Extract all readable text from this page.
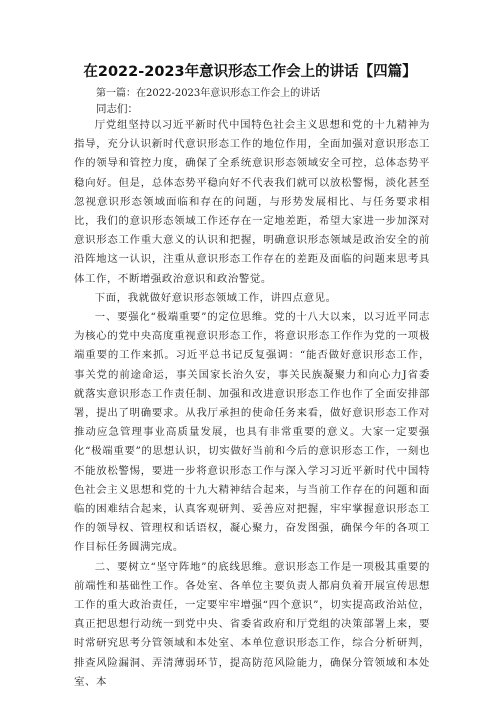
在2022-2023年意识形态工作会上的讲话【四篇】
第一篇：在2022-2023年意识形态工作会上的讲话
同志们：

厅党组坚持以习近平新时代中国特色社会主义思想和党的十九精神为指导，充分认识新时代意识形态工作的地位作用，全面加强对意识形态工作的领导和管控力度，确保了全系统意识形态领域安全可控，总体态势平稳向好。但是，总体态势平稳向好不代表我们就可以放松警惕，淡化甚至忽视意识形态领域面临和存在的问题，与形势发展相比、与任务要求相比，我们的意识形态领域工作还存在一定地差距，希望大家进一步加深对意识形态工作重大意义的认识和把握，明确意识形态领域是政治安全的前沿阵地这一认识，注重从意识形态工作存在的差距及面临的问题来思考具体工作，不断增强政治意识和政治警觉。

下面，我就做好意识形态领域工作，讲四点意见。

一、要强化“极端重要”的定位思维。党的十八大以来，以习近平同志为核心的党中央高度重视意识形态工作，将意识形态工作作为党的一项极端重要的工作来抓。习近平总书记反复强调：“能否做好意识形态工作，事关党的前途命运，事关国家长治久安，事关民族凝聚力和向心力J省委就落实意识形态工作责任制、加强和改进意识形态工作也作了全面安排部署，提出了明确要求。从我厅承担的使命任务来看，做好意识形态工作对推动应急管理事业高质量发展，也具有非常重要的意义。大家一定要强化“极端重要”的思想认识，切实做好当前和今后的意识形态工作，一刻也不能放松警惕，要进一步将意识形态工作与深入学习习近平新时代中国特色社会主义思想和党的十九大精神结合起来，与当前工作存在的问题和面临的困难结合起来，认真客观研判、妥善应对把握，牢牢掌握意识形态工作的领导权、管理权和话语权，凝心聚力，奋发图强，确保今年的各项工作目标任务圆满完成。

二、要树立“坚守阵地”的底线思维。意识形态工作是一项极其重要的前端性和基础性工作。各处室、各单位主要负责人都肩负着开展宣传思想工作的重大政治责任，一定要牢牢增强“四个意识”，切实提高政治站位，真正把思想行动统一到党中央、省委省政府和厅党组的决策部署上来，要时常研究思考分管领域和本处室、本单位意识形态工作，综合分析研判，排查风险漏洞、弄清薄弱环节，提高防范风险能力，确保分管领域和本处室、本
